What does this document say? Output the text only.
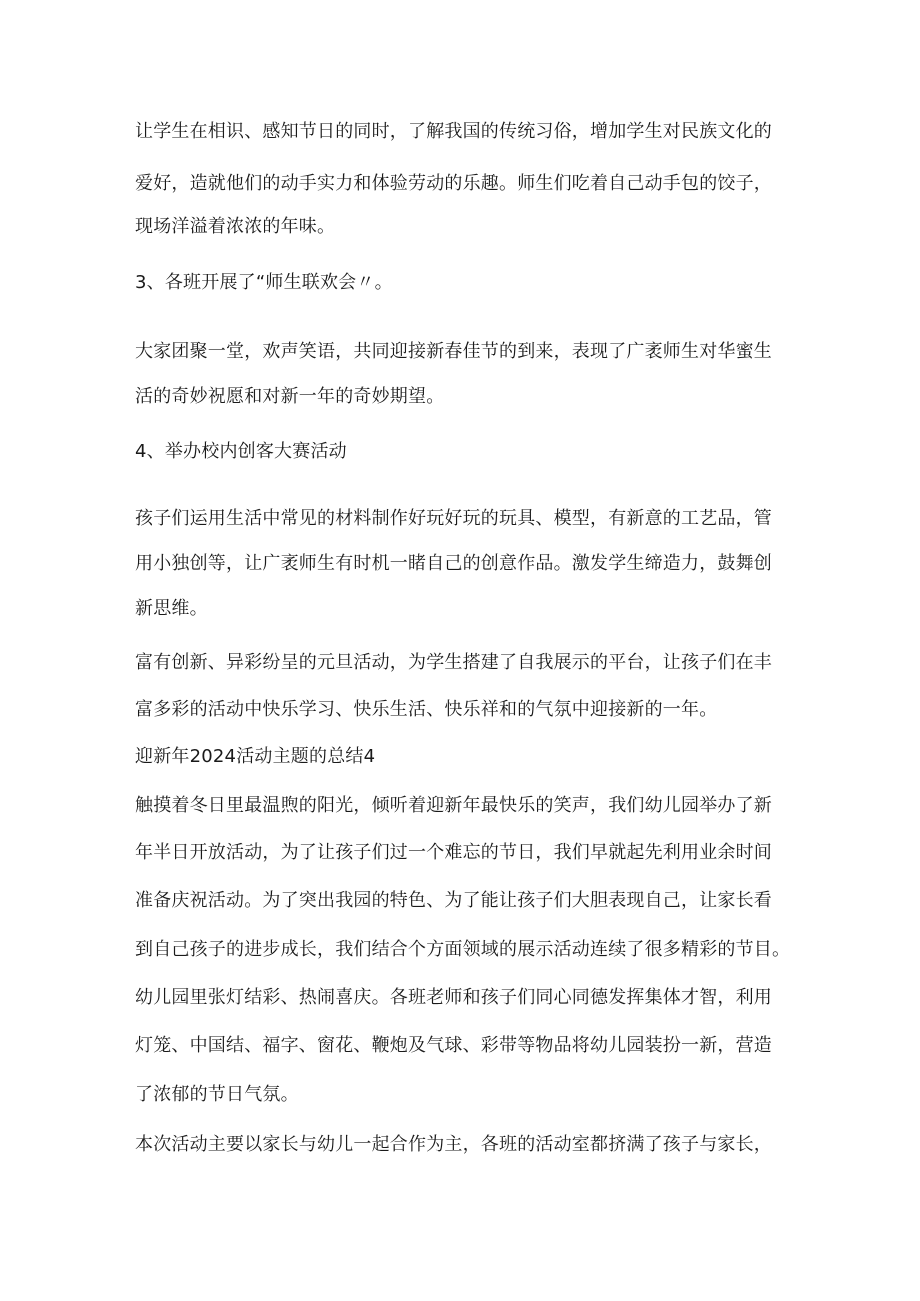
让学生在相识、感知节日的同时，了解我国的传统习俗，增加学生对民族文化的
爱好，造就他们的动手实力和体验劳动的乐趣。师生们吃着自己动手包的饺子，
现场洋溢着浓浓的年味。
3、各班开展了“师生联欢会〃。
大家团聚一堂，欢声笑语，共同迎接新春佳节的到来，表现了广袤师生对华蜜生
活的奇妙祝愿和对新一年的奇妙期望。
4、举办校内创客大赛活动
孩子们运用生活中常见的材料制作好玩好玩的玩具、模型，有新意的工艺品，管
用小独创等，让广袤师生有时机一睹自己的创意作品。激发学生缔造力，鼓舞创
新思维。
富有创新、异彩纷呈的元旦活动，为学生搭建了自我展示的平台，让孩子们在丰
富多彩的活动中快乐学习、快乐生活、快乐祥和的气氛中迎接新的一年。
迎新年2024活动主题的总结4
触摸着冬日里最温煦的阳光，倾听着迎新年最快乐的笑声，我们幼儿园举办了新
年半日开放活动，为了让孩子们过一个难忘的节日，我们早就起先利用业余时间
准备庆祝活动。为了突出我园的特色、为了能让孩子们大胆表现自己，让家长看
到自己孩子的进步成长，我们结合个方面领域的展示活动连续了很多精彩的节目。
幼儿园里张灯结彩、热闹喜庆。各班老师和孩子们同心同德发挥集体才智，利用
灯笼、中国结、福字、窗花、鞭炮及气球、彩带等物品将幼儿园装扮一新，营造
了浓郁的节日气氛。
本次活动主要以家长与幼儿一起合作为主，各班的活动室都挤满了孩子与家长，
